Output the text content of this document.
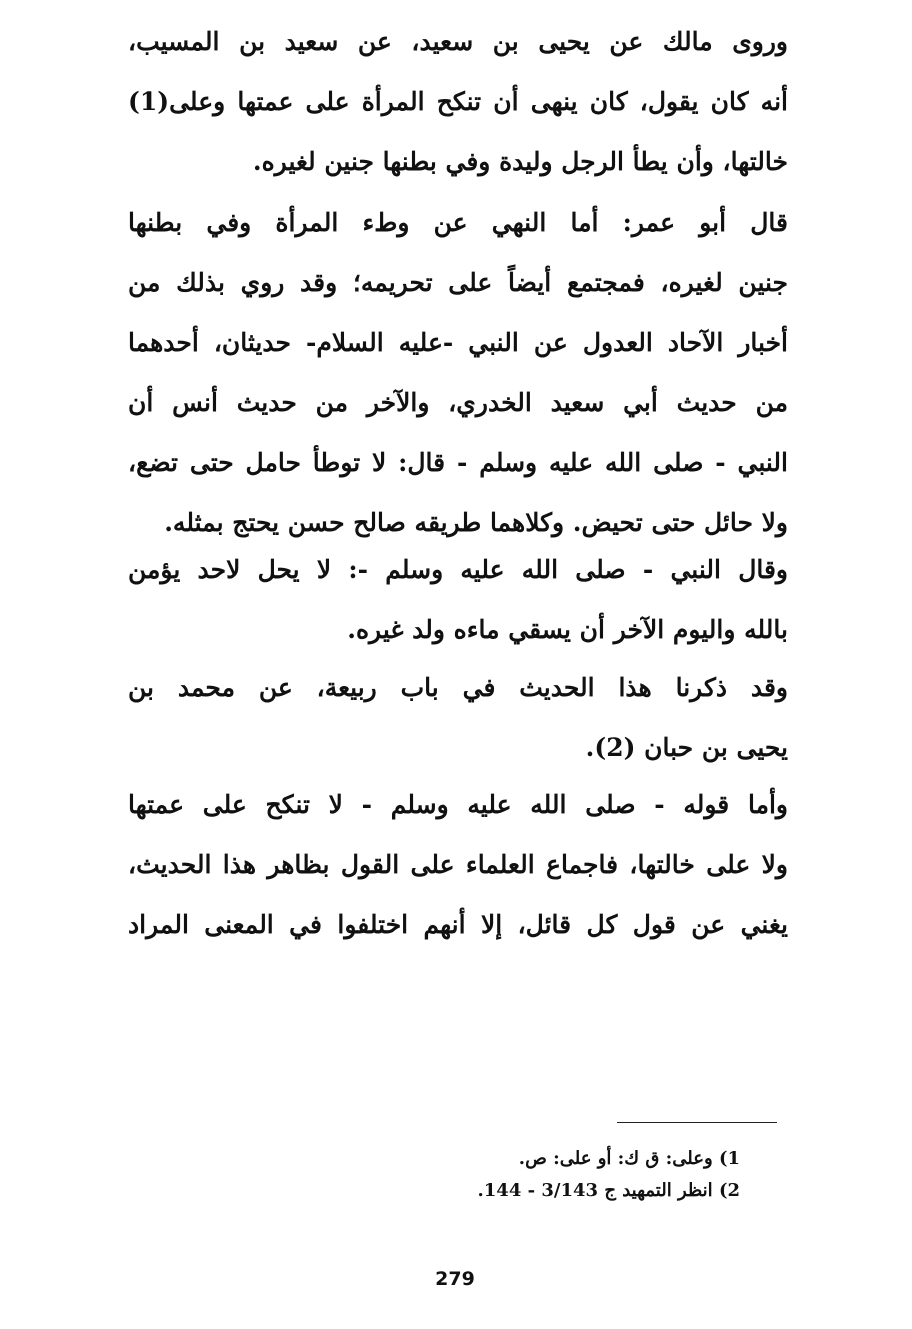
وروى مالك عن يحيى بن سعيد، عن سعيد بن المسيب،
أنه كان يقول، كان ينهى أن تنكح المرأة على عمتها وعلى(1)
خالتها، وأن يطأ الرجل وليدة وفي بطنها جنين لغيره.
قال أبو عمر: أما النهي عن وطء المرأة وفي بطنها
جنين لغيره، فمجتمع أيضاً على تحريمه؛ وقد روي بذلك من
أخبار الآحاد العدول عن النبي -عليه السلام- حديثان، أحدهما
من حديث أبي سعيد الخدري، والآخر من حديث أنس أن
النبي - صلى الله عليه وسلم - قال: لا توطأ حامل حتى تضع،
ولا حائل حتى تحيض. وكلاهما طريقه صالح حسن يحتج بمثله.
وقال النبي - صلى الله عليه وسلم -: لا يحل لاحد يؤمن
بالله واليوم الآخر أن يسقي ماءه ولد غيره.
وقد ذكرنا هذا الحديث في باب ربيعة، عن محمد بن
يحيى بن حبان (2).
وأما قوله - صلى الله عليه وسلم - لا تنكح على عمتها
ولا على خالتها، فاجماع العلماء على القول بظاهر هذا الحديث،
يغني عن قول كل قائل، إلا أنهم اختلفوا في المعنى المراد
1) وعلى: ق ك: أو على: ص.
2) انظر التمهيد ج 3/143 - 144.
279
